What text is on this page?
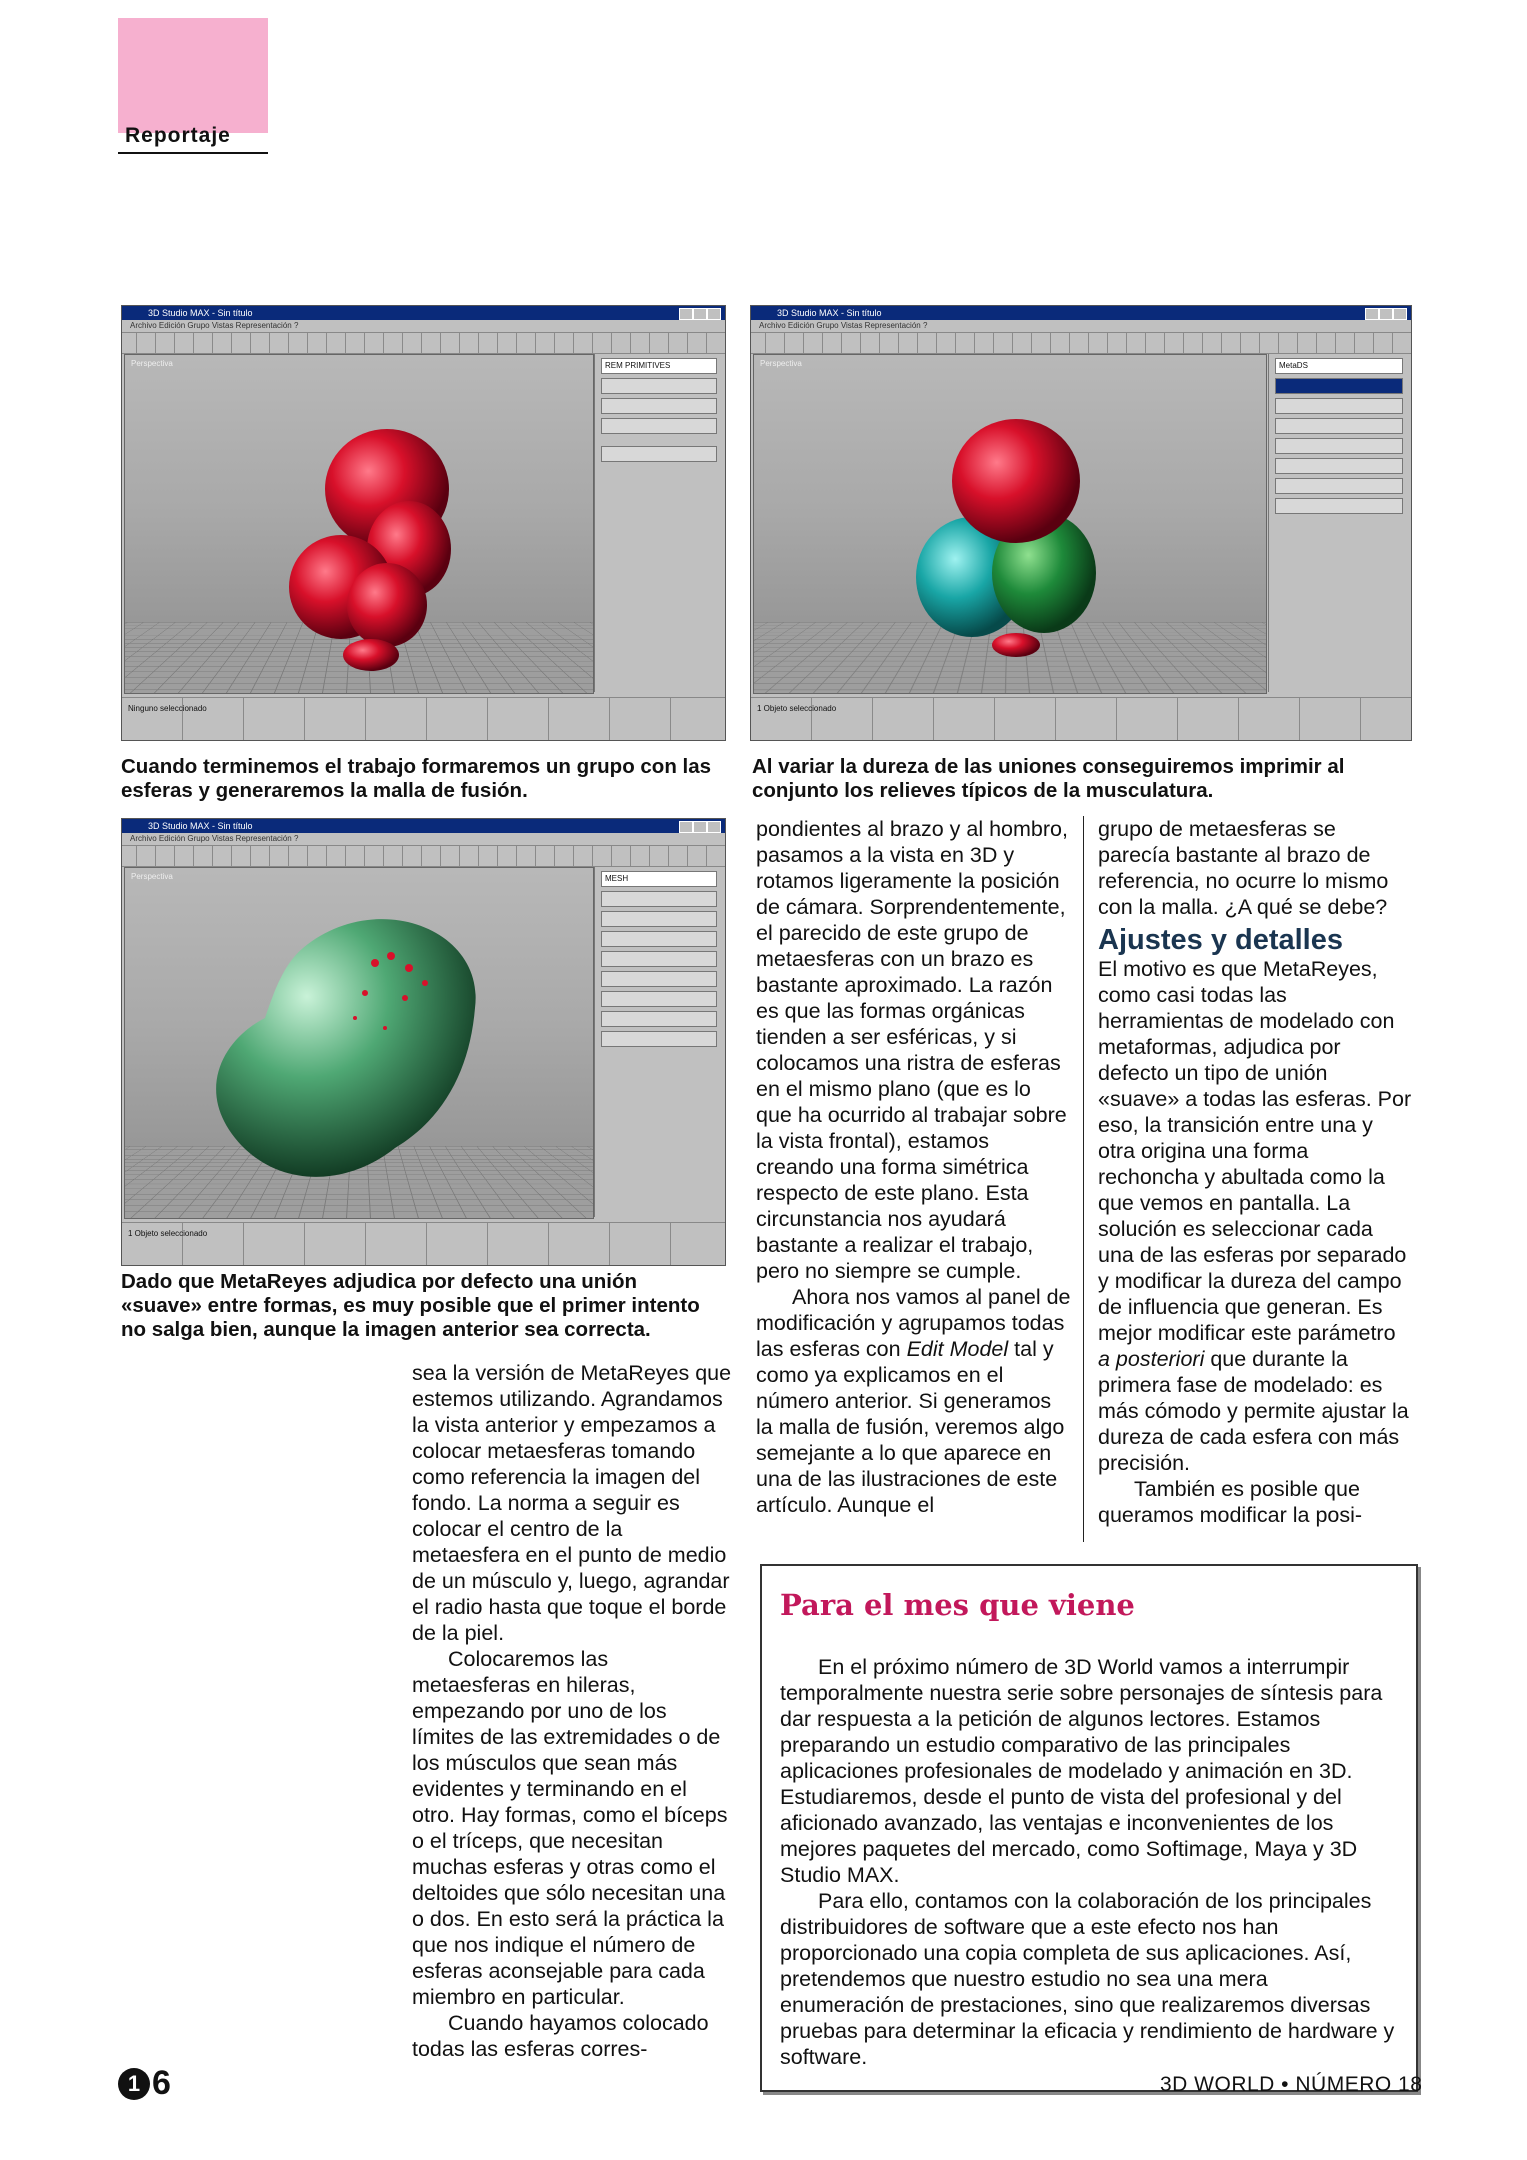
Reportaje
3D Studio MAX - Sin título
Archivo Edición Grupo Vistas Representación ?
Perspectiva	REM PRIMITIVES
Ninguno seleccionado
Cuando terminemos el trabajo formaremos un grupo con las esferas y generaremos la malla de fusión.
3D Studio MAX - Sin título
Archivo Edición Grupo Vistas Representación ?
Perspectiva	MetaDS
1 Objeto seleccionado
Al variar la dureza de las uniones conseguiremos imprimir al conjunto los relieves típicos de la musculatura.
3D Studio MAX - Sin título
Archivo Edición Grupo Vistas Representación ?
Perspectiva	MESH
1 Objeto seleccionado
Dado que MetaReyes adjudica por defecto una unión «suave» entre formas, es muy posible que el primer intento no salga bien, aunque la imagen anterior sea correcta.

sea la versión de MetaReyes que estemos utilizando. Agrandamos la vista anterior y empezamos a colocar metaesferas tomando como referencia la imagen del fondo. La norma a seguir es colocar el centro de la metaesfera en el punto de medio de un músculo y, luego, agrandar el radio hasta que toque el borde de la piel.

Colocaremos las metaesferas en hileras, empezando por uno de los límites de las extremidades o de los músculos que sean más evidentes y terminando en el otro. Hay formas, como el bíceps o el tríceps, que necesitan muchas esferas y otras como el deltoides que sólo necesitan una o dos. En esto será la práctica la que nos indique el número de esferas aconsejable para cada miembro en particular.

Cuando hayamos colocado todas las esferas corres-

pondientes al brazo y al hombro, pasamos a la vista en 3D y rotamos ligeramente la posición de cámara. Sorprendentemente, el parecido de este grupo de metaesferas con un brazo es bastante aproximado. La razón es que las formas orgánicas tienden a ser esféricas, y si colocamos una ristra de esferas en el mismo plano (que es lo que ha ocurrido al trabajar sobre la vista frontal), estamos creando una forma simétrica respecto de este plano. Esta circunstancia nos ayudará bastante a realizar el trabajo, pero no siempre se cumple.

Ahora nos vamos al panel de modificación y agrupamos todas las esferas con Edit Model tal y como ya explicamos en el número anterior. Si generamos la malla de fusión, veremos algo semejante a lo que aparece en una de las ilustraciones de este artículo. Aunque el

grupo de metaesferas se parecía bastante al brazo de referencia, no ocurre lo mismo con la malla. ¿A qué se debe?

Ajustes y detalles

El motivo es que MetaReyes, como casi todas las herramientas de modelado con metaformas, adjudica por defecto un tipo de unión «suave» a todas las esferas. Por eso, la transición entre una y otra origina una forma rechoncha y abultada como la que vemos en pantalla. La solución es seleccionar cada una de las esferas por separado y modificar la dureza del campo de influencia que generan. Es mejor modificar este parámetro a posteriori que durante la primera fase de modelado: es más cómodo y permite ajustar la dureza de cada esfera con más precisión.

También es posible que queramos modificar la posi-

Para el mes que viene

En el próximo número de 3D World vamos a interrumpir temporalmente nuestra serie sobre personajes de síntesis para dar respuesta a la petición de algunos lectores. Estamos preparando un estudio comparativo de las principales aplicaciones profesionales de modelado y animación en 3D. Estudiaremos, desde el punto de vista del profesional y del aficionado avanzado, las ventajas e inconvenientes de los mejores paquetes del mercado, como Softimage, Maya y 3D Studio MAX.

Para ello, contamos con la colaboración de los principales distribuidores de software que a este efecto nos han proporcionado una copia completa de sus aplicaciones. Así, pretendemos que nuestro estudio no sea una mera enumeración de prestaciones, sino que realizaremos diversas pruebas para determinar la eficacia y rendimiento de hardware y software.

1 6	3D WORLD • NÚMERO 18
